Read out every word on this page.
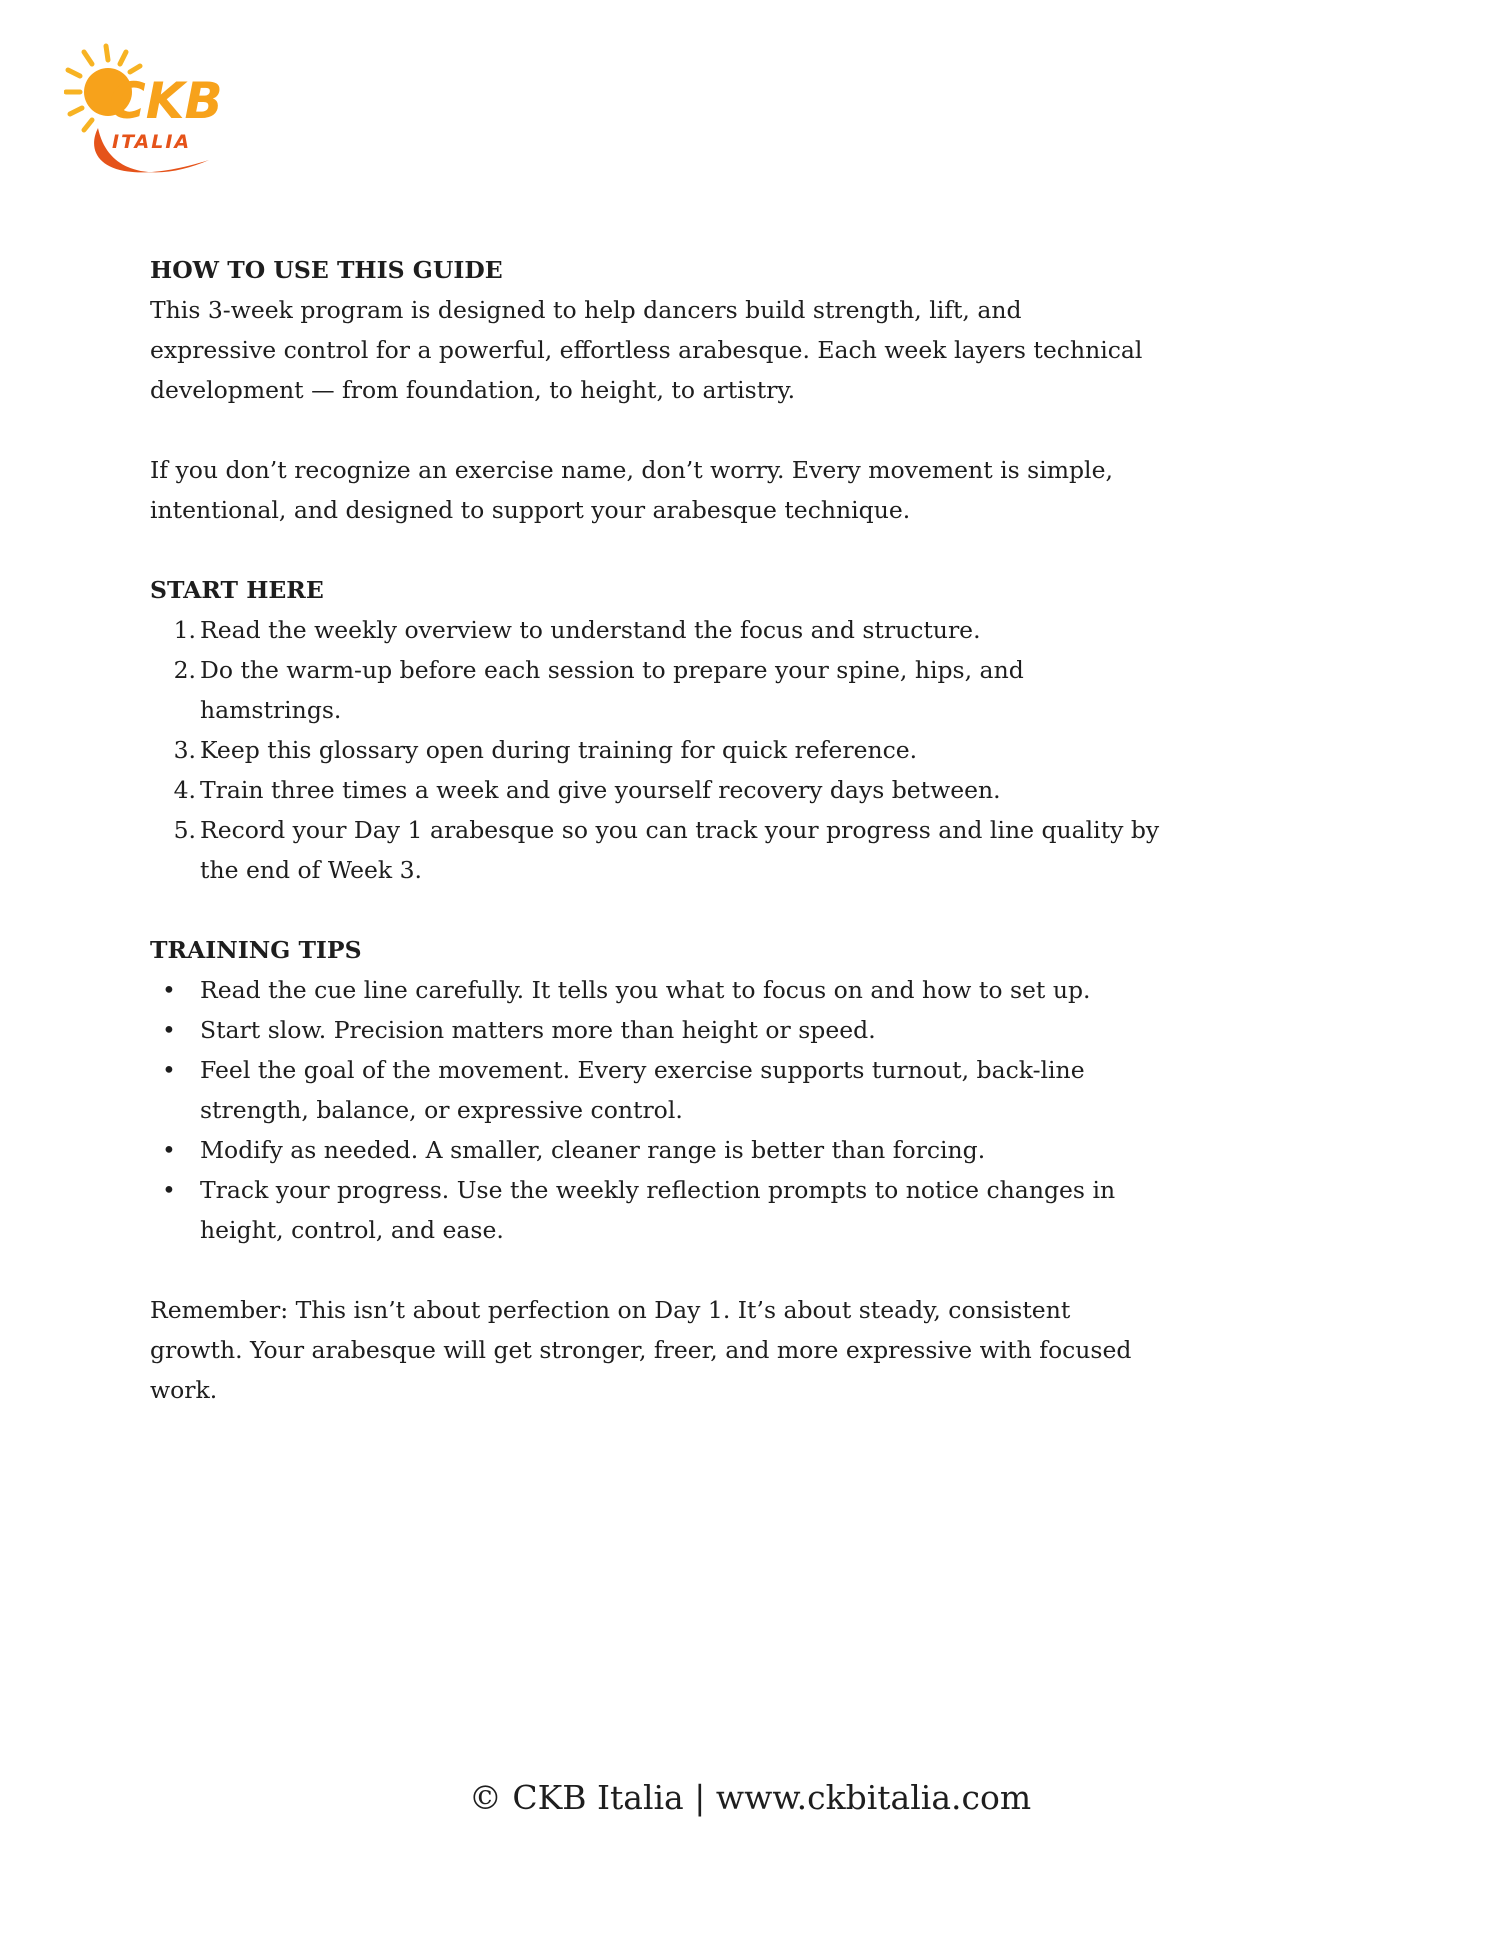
CKB
ITALIA
HOW TO USE THIS GUIDE

This 3-week program is designed to help dancers build strength, lift, and
expressive control for a powerful, effortless arabesque. Each week layers technical
development — from foundation, to height, to artistry.

If you don’t recognize an exercise name, don’t worry. Every movement is simple,
intentional, and designed to support your arabesque technique.

START HERE
1. Read the weekly overview to understand the focus and structure.
2. Do the warm-up before each session to prepare your spine, hips, and
hamstrings.
3. Keep this glossary open during training for quick reference.
4. Train three times a week and give yourself recovery days between.
5. Record your Day 1 arabesque so you can track your progress and line quality by
the end of Week 3.
TRAINING TIPS
• Read the cue line carefully. It tells you what to focus on and how to set up.
• Start slow. Precision matters more than height or speed.
• Feel the goal of the movement. Every exercise supports turnout, back-line
strength, balance, or expressive control.
• Modify as needed. A smaller, cleaner range is better than forcing.
• Track your progress. Use the weekly reflection prompts to notice changes in
height, control, and ease.

Remember: This isn’t about perfection on Day 1. It’s about steady, consistent
growth. Your arabesque will get stronger, freer, and more expressive with focused
work.

© CKB Italia | www.ckbitalia.com
